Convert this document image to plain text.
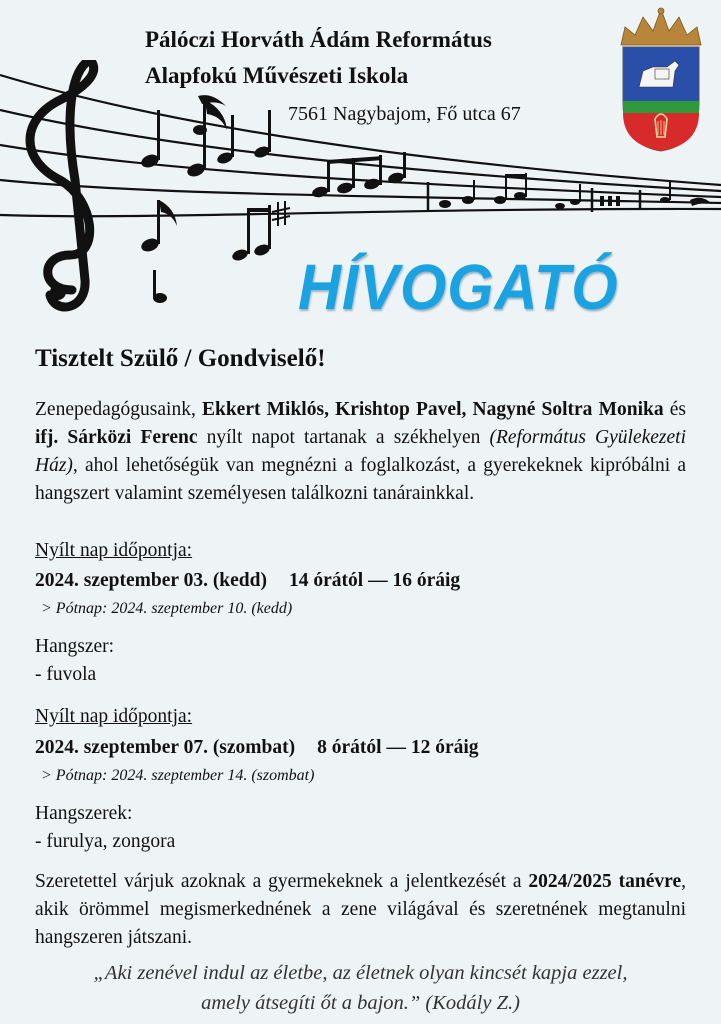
Pálóczi Horváth Ádám Református
Alapfokú Művészeti Iskola
7561 Nagybajom, Fő utca 67
HÍVOGATÓ
Tisztelt Szülő / Gondviselő!
Zenepedagógusaink, Ekkert Miklós, Krishtop Pavel, Nagyné Soltra Monika és ifj. Sárközi Ferenc nyílt napot tartanak a székhelyen (Református Gyülekezeti Ház), ahol lehetőségük van megnézni a foglalkozást, a gyerekeknek kipróbálni a hangszert valamint személyesen találkozni tanárainkkal.
Nyílt nap időpontja:
2024. szeptember 03. (kedd) 14 órától — 16 óráig
> Pótnap: 2024. szeptember 10. (kedd)
Hangszer:
- fuvola
Nyílt nap időpontja:
2024. szeptember 07. (szombat) 8 órától — 12 óráig
> Pótnap: 2024. szeptember 14. (szombat)
Hangszerek:
- furulya, zongora
Szeretettel várjuk azoknak a gyermekeknek a jelentkezését a 2024/2025 tanévre, akik örömmel megismerkednének a zene világával és szeretnének megtanulni hangszeren játszani.
„Aki zenével indul az életbe, az életnek olyan kincsét kapja ezzel,
amely átsegíti őt a bajon.” (Kodály Z.)
